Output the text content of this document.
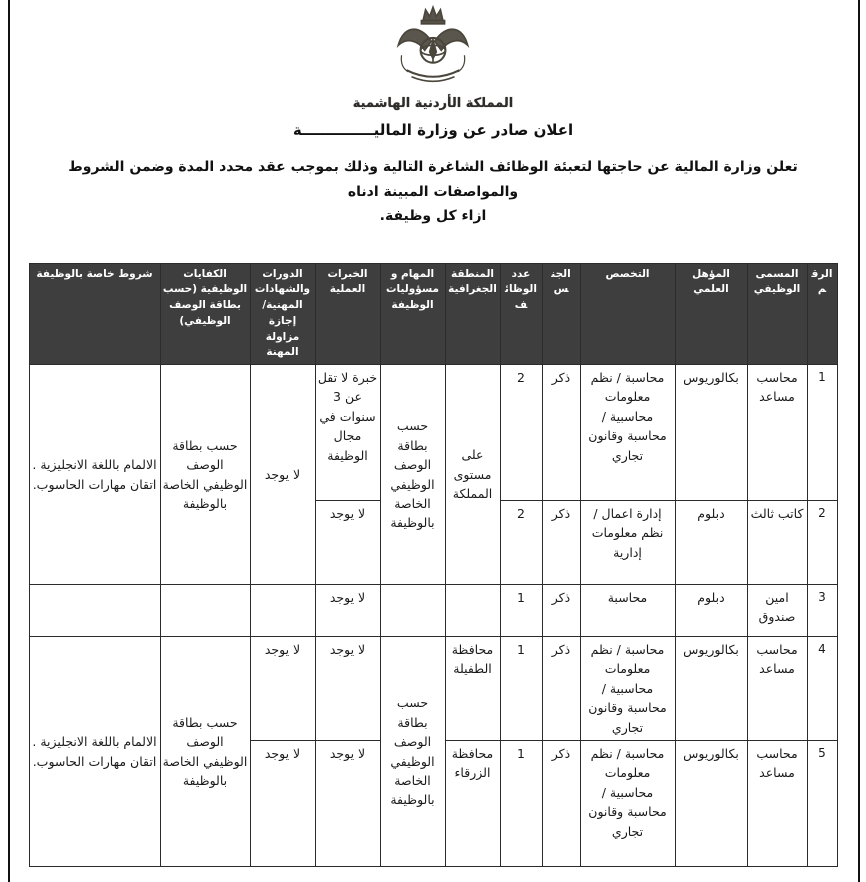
المملكة الأردنية الهاشمية
اعلان صادر عن وزارة الماليــــــــــــــة
تعلن وزارة المالية عن حاجتها لتعبئة الوظائف الشاغرة التالية وذلك بموجب عقد محدد المدة وضمن الشروط والمواصفات المبينة ادناه
ازاء كل وظيفة.
الرقم	المسمى الوظيفي	المؤهل العلمي	التخصص	الجنس	عدد الوظائف	المنطقة الجغرافية	المهام و مسؤوليات الوظيفة	الخبرات العملية	الدورات والشهادات المهنية/إجازة مزاولة المهنة	الكفايات الوظيفية (حسب بطاقة الوصف الوظيفي)	شروط خاصة بالوظيفة
1	محاسب مساعد	بكالوريوس	محاسبة / نظم معلومات محاسبية / محاسبة وقانون تجاري	ذكر	2	على مستوى المملكة	حسب بطاقة الوصف الوظيفي الخاصة بالوظيفة	خبرة لا تقل عن 3 سنوات في مجال الوظيفة	لا يوجد	حسب بطاقة الوصف الوظيفي الخاصة بالوظيفة	الالمام باللغة الانجليزية . اتقان مهارات الحاسوب.
2	كاتب ثالث	دبلوم	إدارة اعمال / نظم معلومات إدارية	ذكر	2			لا يوجد			
3	امين صندوق	دبلوم	محاسبة	ذكر	1			لا يوجد			
4	محاسب مساعد	بكالوريوس	محاسبة / نظم معلومات محاسبية / محاسبة وقانون تجاري	ذكر	1	محافظة الطفيلة	حسب بطاقة الوصف الوظيفي الخاصة بالوظيفة	لا يوجد	لا يوجد	حسب بطاقة الوصف الوظيفي الخاصة بالوظيفة	الالمام باللغة الانجليزية . اتقان مهارات الحاسوب.
5	محاسب مساعد	بكالوريوس	محاسبة / نظم معلومات محاسبية / محاسبة وقانون تجاري	ذكر	1	محافظة الزرقاء		لا يوجد	لا يوجد		
